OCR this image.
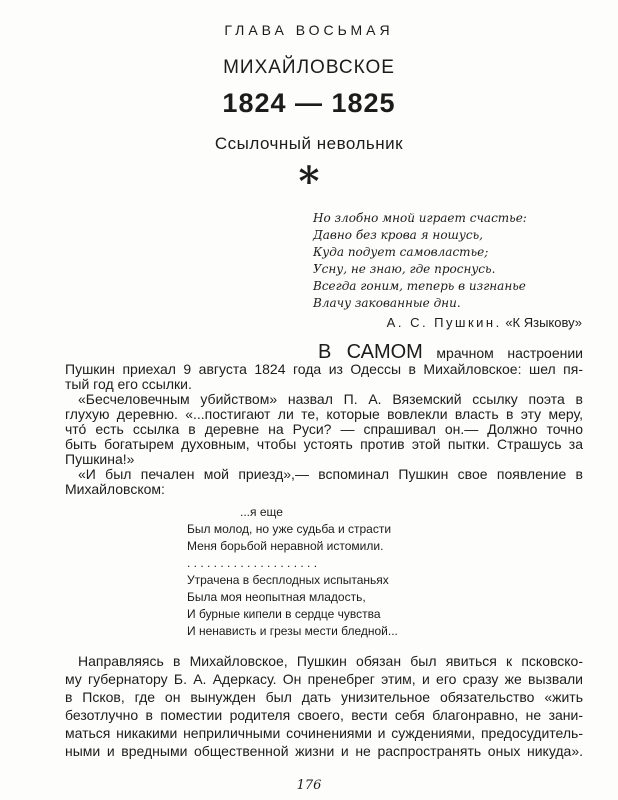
ГЛАВА ВОСЬМАЯ
МИХАЙЛОВСКОЕ
1824 — 1825
Ссылочный невольник
*
Но злобно мной играет счастье:
Давно без крова я ношусь,
Куда подует самовластье;
Усну, не знаю, где проснусь.
Всегда гоним, теперь в изгнанье
Влачу закованные дни.
А. С. Пушкин. «К Языкову»
В САМОМ мрачном настроении
Пушкин приехал 9 августа 1824 года из Одессы в Михайловское: шел пя-
тый год его ссылки.
«Бесчеловечным убийством» назвал П. А. Вяземский ссылку поэта в
глухую деревню. «...постигают ли те, которые вовлекли власть в эту меру,
что́ есть ссылка в деревне на Руси? — спрашивал он.— Должно точно
быть богатырем духовным, чтобы устоять против этой пытки. Страшусь за
Пушкина!»
«И был печален мой приезд»,— вспоминал Пушкин свое появление в
Михайловском:
...я еще
Был молод, но уже судьба и страсти
Меня борьбой неравной истомили.
. . . . . . . . . . . . . . . . . . . .
Утрачена в бесплодных испытаньях
Была моя неопытная младость,
И бурные кипели в сердце чувства
И ненависть и грезы мести бледной...
Направляясь в Михайловское, Пушкин обязан был явиться к псковско-
му губернатору Б. А. Адеркасу. Он пренебрег этим, и его сразу же вызвали
в Псков, где он вынужден был дать унизительное обязательство «жить
безотлучно в поместии родителя своего, вести себя благонравно, не зани-
маться никакими неприличными сочинениями и суждениями, предосудитель-
ными и вредными общественной жизни и не распространять оных никуда».
176
